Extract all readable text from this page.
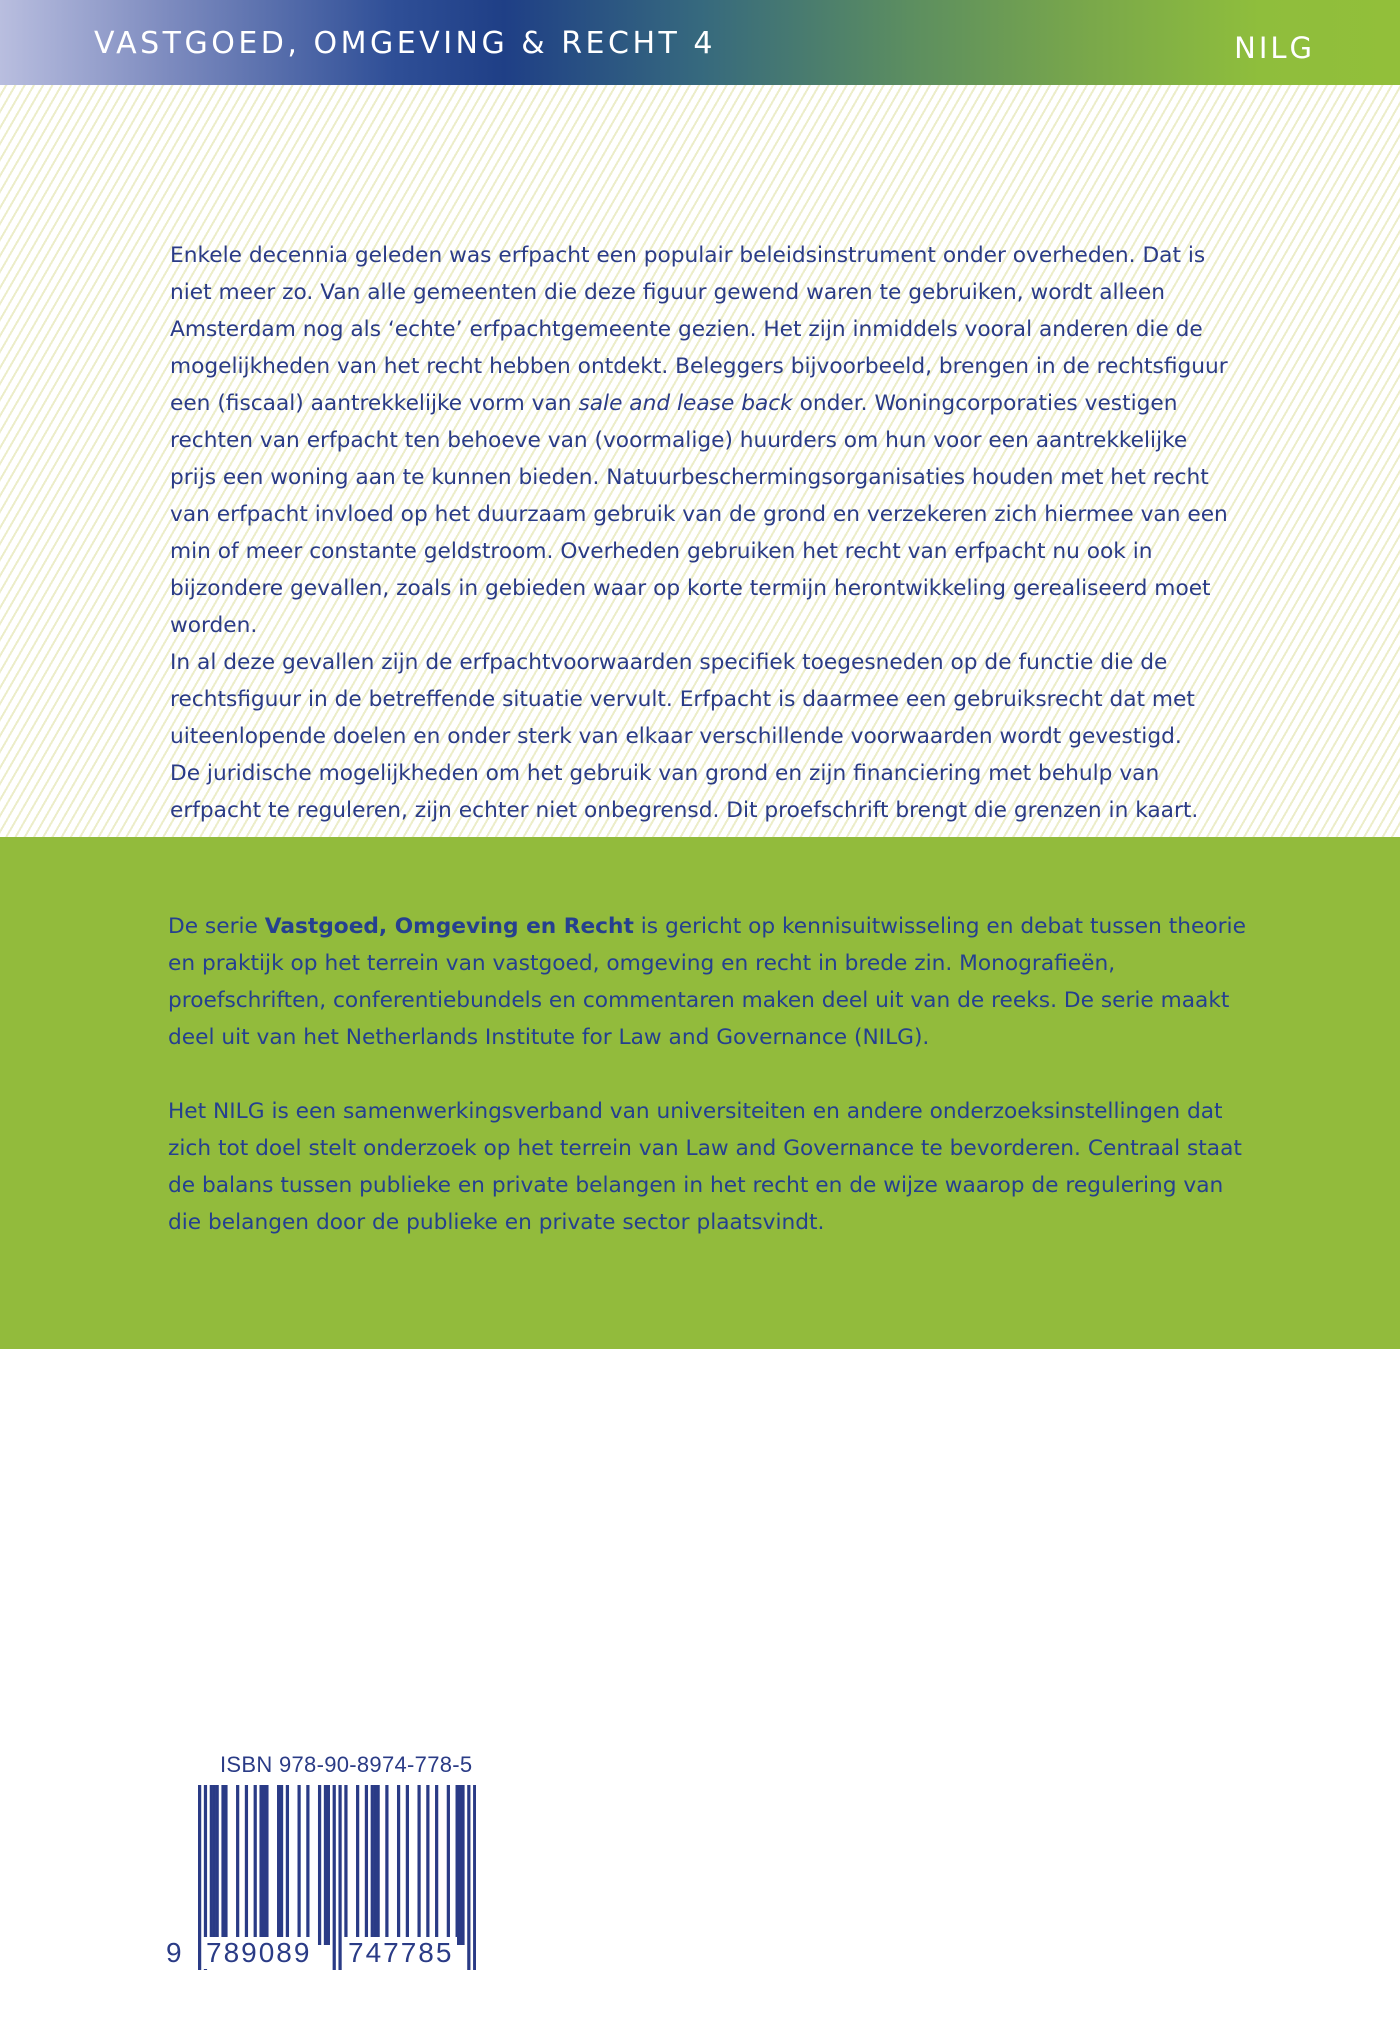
VASTGOED, OMGEVING & RECHT 4	NILG

Enkele decennia geleden was erfpacht een populair beleidsinstrument onder overheden. Dat is niet meer zo. Van alle gemeenten die deze figuur gewend waren te gebruiken, wordt alleen Amsterdam nog als ‘echte’ erfpachtgemeente gezien. Het zijn inmiddels vooral anderen die de mogelijkheden van het recht hebben ontdekt. Beleggers bijvoorbeeld, brengen in de rechtsfiguur een (fiscaal) aantrekkelijke vorm van sale and lease back onder. Woningcorporaties vestigen rechten van erfpacht ten behoeve van (voormalige) huurders om hun voor een aantrekkelijke prijs een woning aan te kunnen bieden. Natuurbeschermingsorganisaties houden met het recht van erfpacht invloed op het duurzaam gebruik van de grond en verzekeren zich hiermee van een min of meer constante geldstroom. Overheden gebruiken het recht van erfpacht nu ook in bijzondere gevallen, zoals in gebieden waar op korte termijn herontwikkeling gerealiseerd moet worden.

In al deze gevallen zijn de erfpachtvoorwaarden specifiek toegesneden op de functie die de rechtsfiguur in de betreffende situatie vervult. Erfpacht is daarmee een gebruiksrecht dat met uiteenlopende doelen en onder sterk van elkaar verschillende voorwaarden wordt gevestigd.

De juridische mogelijkheden om het gebruik van grond en zijn financiering met behulp van erfpacht te reguleren, zijn echter niet onbegrensd. Dit proefschrift brengt die grenzen in kaart.

De serie Vastgoed, Omgeving en Recht is gericht op kennisuitwisseling en debat tussen theorie en praktijk op het terrein van vastgoed, omgeving en recht in brede zin. Monografieën, proefschriften, conferentiebundels en commentaren maken deel uit van de reeks. De serie maakt deel uit van het Netherlands Institute for Law and Governance (NILG).

Het NILG is een samenwerkingsverband van universiteiten en andere onderzoeksinstellingen dat zich tot doel stelt onderzoek op het terrein van Law and Governance te bevorderen. Centraal staat de balans tussen publieke en private belangen in het recht en de wijze waarop de regulering van die belangen door de publieke en private sector plaatsvindt.

ISBN 978-90-8974-778-5
9 789089 747785
